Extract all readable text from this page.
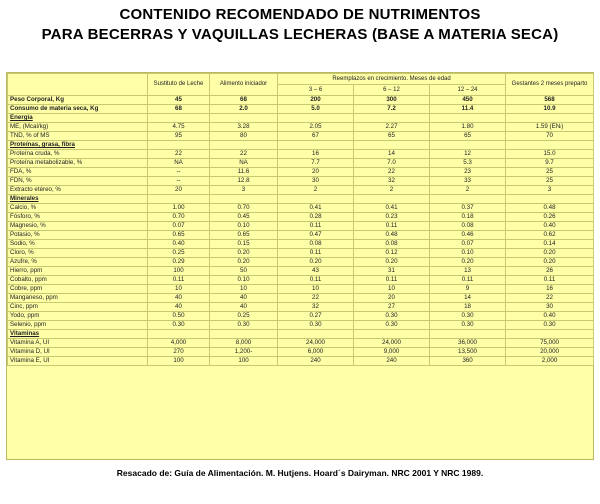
CONTENIDO RECOMENDADO DE NUTRIMENTOS
PARA BECERRAS Y VAQUILLAS LECHERAS (BASE A MATERIA SECA)
	Sustituto de Leche	Alimento iniciador	Reemplazos en crecimiento. Meses de edad			Gestantes 2 meses preparto
			3 – 6	6 – 12	12 – 24	
Peso Corporal, Kg	45	68	200	300	450	568
Consumo de materia seca, Kg	68	2.0	5.0	7.2	11.4	10.9
Energía						
ME, (Mcal/kg)	4.75	3.28	2.05	2.27	1.80	1.59 (ENₗ)
TND, % of MS	95	80	67	65	65	70
Proteínas, grasa, fibra						
Proteína cruda, %	22	22	16	14	12	15.0
Proteína metabolizable, %	NA	NA	7.7	7.0	5.3	9.7
FDA, %	--	11.6	20	22	23	25
FDN, %	--	12.8	30	32	33	25
Extracto etéreo, %	20	3	2	2	2	3
Minerales						
Calcio, %	1.00	0.70	0.41	0.41	0.37	0.48
Fósforo, %	0.70	0.45	0.28	0.23	0.18	0.26
Magnesio, %	0.07	0.10	0.11	0.11	0.08	0.40
Potasio, %	0.65	0.65	0.47	0.48	0.46	0.62
Sodio, %	0.40	0.15	0.08	0.08	0.07	0.14
Cloro, %	0.25	0.20	0.11	0.12	0.10	0.20
Azufre, %	0.29	0.20	0.20	0.20	0.20	0.20
Hierro, ppm	100	50	43	31	13	26
Cobalto, ppm	0.11	0.10	0.11	0.11	0.11	0.11
Cobre, ppm	10	10	10	10	9	16
Manganeso, ppm	40	40	22	20	14	22
Cinc, ppm	40	40	32	27	18	30
Yodo, ppm	0.50	0.25	0.27	0.30	0.30	0.40
Selenio, ppm	0.30	0.30	0.30	0.30	0.30	0.30
Vitaminas						
Vitamina A, UI	4,000	8,000	24,000	24,000	36,000	75,000
Vitamina D, UI	270	1,200-	6,000	9,000	13,500	20,000
Vitamina E, UI	100	100	240	240	360	2,000
Resacado de: Guía de Alimentación. M. Hutjens. Hoard´s Dairyman. NRC 2001 Y NRC 1989.
